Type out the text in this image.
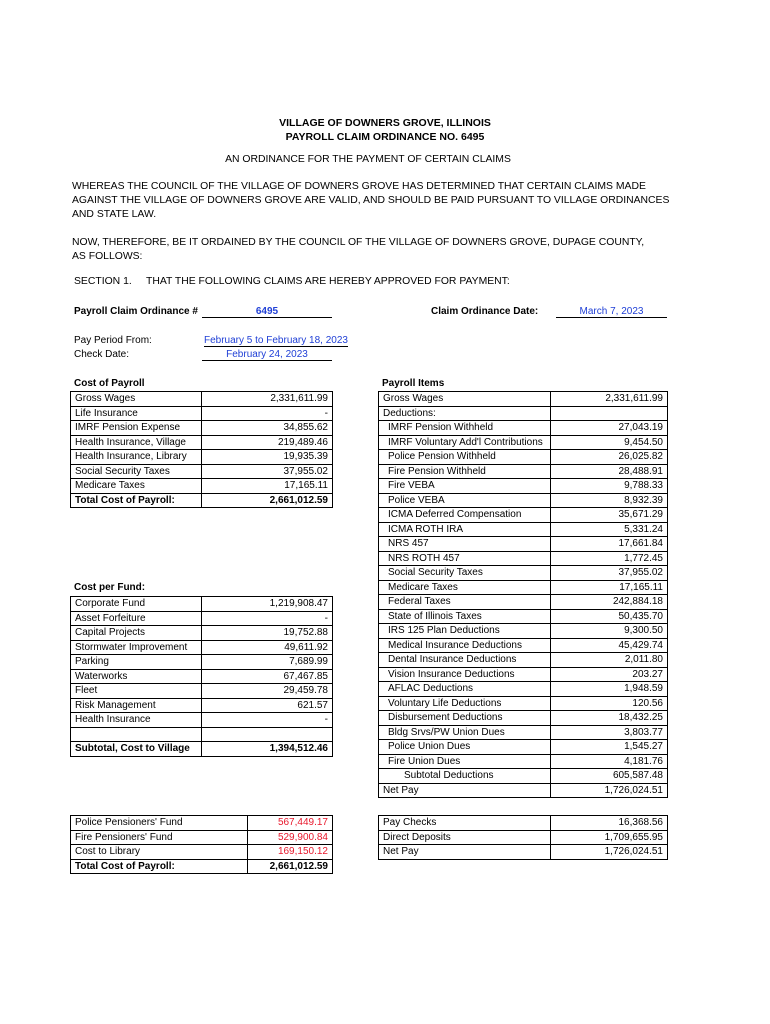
VILLAGE OF DOWNERS GROVE, ILLINOIS
PAYROLL CLAIM ORDINANCE NO. 6495
AN ORDINANCE FOR THE PAYMENT OF CERTAIN CLAIMS
WHEREAS THE COUNCIL OF THE VILLAGE OF DOWNERS GROVE HAS DETERMINED THAT CERTAIN CLAIMS MADE
AGAINST THE VILLAGE OF DOWNERS GROVE ARE VALID, AND SHOULD BE PAID PURSUANT TO VILLAGE ORDINANCES
AND STATE LAW.
NOW, THEREFORE, BE IT ORDAINED BY THE COUNCIL OF THE VILLAGE OF DOWNERS GROVE, DUPAGE COUNTY,
AS FOLLOWS:
SECTION 1. THAT THE FOLLOWING CLAIMS ARE HEREBY APPROVED FOR PAYMENT:
Payroll Claim Ordinance #	6495	Claim Ordinance Date:	March 7, 2023
Pay Period From:	February 5 to February 18, 2023
Check Date:	February 24, 2023
Cost of Payroll
Gross Wages	2,331,611.99
Life Insurance	-
IMRF Pension Expense	34,855.62
Health Insurance, Village	219,489.46
Health Insurance, Library	19,935.39
Social Security Taxes	37,955.02
Medicare Taxes	17,165.11
Total Cost of Payroll:	2,661,012.59
Cost per Fund:
Corporate Fund	1,219,908.47
Asset Forfeiture	-
Capital Projects	19,752.88
Stormwater Improvement	49,611.92
Parking	7,689.99
Waterworks	67,467.85
Fleet	29,459.78
Risk Management	621.57
Health Insurance	-

Subtotal, Cost to Village	1,394,512.46
Police Pensioners' Fund	567,449.17
Fire Pensioners' Fund	529,900.84
Cost to Library	169,150.12
Total Cost of Payroll:	2,661,012.59
Payroll Items
Gross Wages	2,331,611.99
Deductions:	
IMRF Pension Withheld	27,043.19
IMRF Voluntary Add'l Contributions	9,454.50
Police Pension Withheld	26,025.82
Fire Pension Withheld	28,488.91
Fire VEBA	9,788.33
Police VEBA	8,932.39
ICMA Deferred Compensation	35,671.29
ICMA ROTH IRA	5,331.24
NRS 457	17,661.84
NRS ROTH 457	1,772.45
Social Security Taxes	37,955.02
Medicare Taxes	17,165.11
Federal Taxes	242,884.18
State of Illinois Taxes	50,435.70
IRS 125 Plan Deductions	9,300.50
Medical Insurance Deductions	45,429.74
Dental Insurance Deductions	2,011.80
Vision Insurance Deductions	203.27
AFLAC Deductions	1,948.59
Voluntary Life Deductions	120.56
Disbursement Deductions	18,432.25
Bldg Srvs/PW Union Dues	3,803.77
Police Union Dues	1,545.27
Fire Union Dues	4,181.76
Subtotal Deductions	605,587.48
Net Pay	1,726,024.51
Pay Checks	16,368.56
Direct Deposits	1,709,655.95
Net Pay	1,726,024.51
